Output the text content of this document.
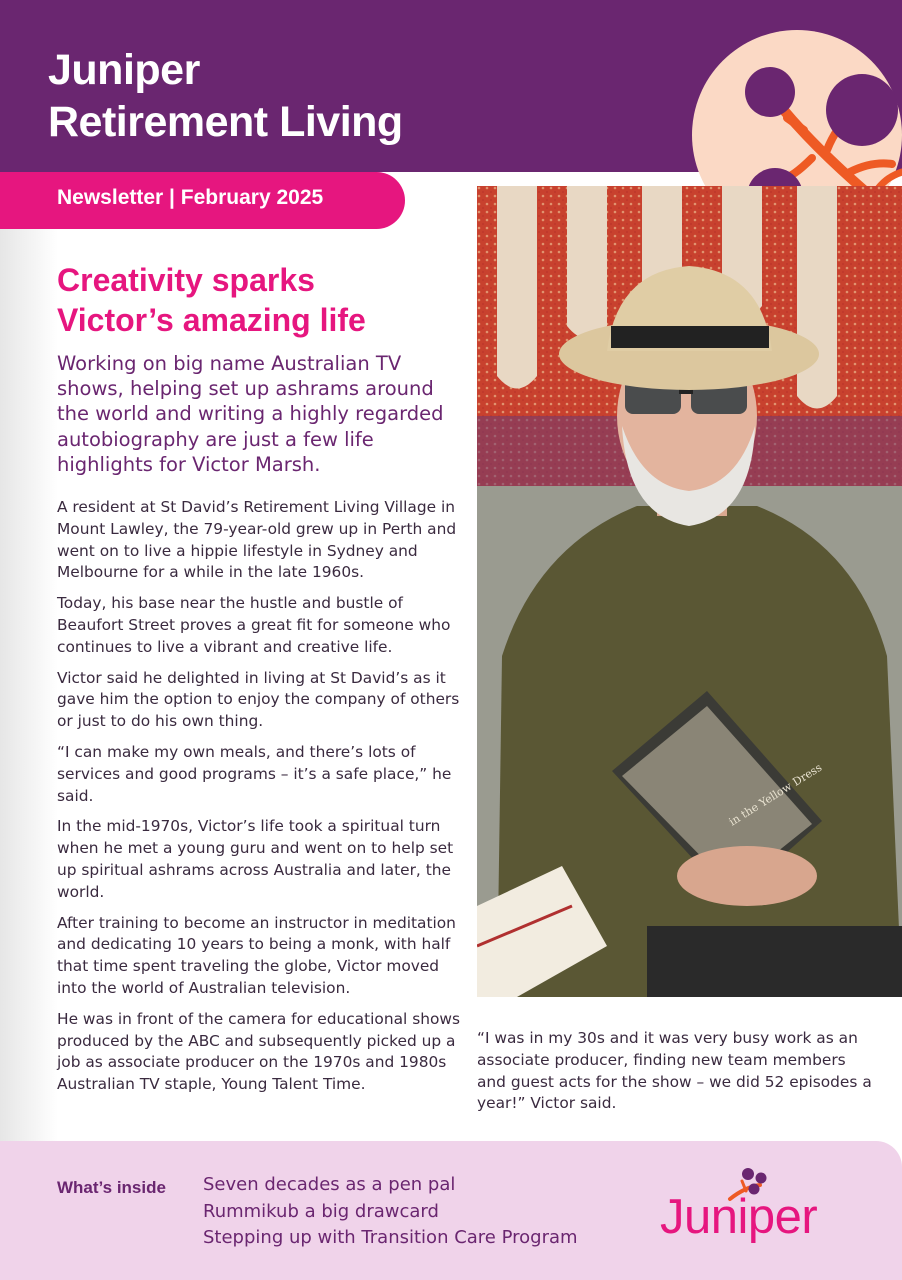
Juniper
Retirement Living
Newsletter | February 2025
Creativity sparks
Victor’s amazing life

Working on big name Australian TV shows, helping set up ashrams around the world and writing a highly regarded autobiography are just a few life highlights for Victor Marsh.

A resident at St David’s Retirement Living Village in Mount Lawley, the 79-year-old grew up in Perth and went on to live a hippie lifestyle in Sydney and Melbourne for a while in the late 1960s.

Today, his base near the hustle and bustle of Beaufort Street proves a great fit for someone who continues to live a vibrant and creative life.

Victor said he delighted in living at St David’s as it gave him the option to enjoy the company of others or just to do his own thing.

“I can make my own meals, and there’s lots of services and good programs – it’s a safe place,” he said.

In the mid-1970s, Victor’s life took a spiritual turn when he met a young guru and went on to help set up spiritual ashrams across Australia and later, the world.

After training to become an instructor in meditation and dedicating 10 years to being a monk, with half that time spent traveling the globe, Victor moved into the world of Australian television.

He was in front of the camera for educational shows produced by the ABC and subsequently picked up a job as associate producer on the 1970s and 1980s Australian TV staple, Young Talent Time.

in the Yellow Dress

“I was in my 30s and it was very busy work as an associate producer, finding new team members and guest acts for the show – we did 52 episodes a year!” Victor said.

What’s inside Seven decades as a pen pal
Rummikub a big drawcard
Stepping up with Transition Care Program Juniper
